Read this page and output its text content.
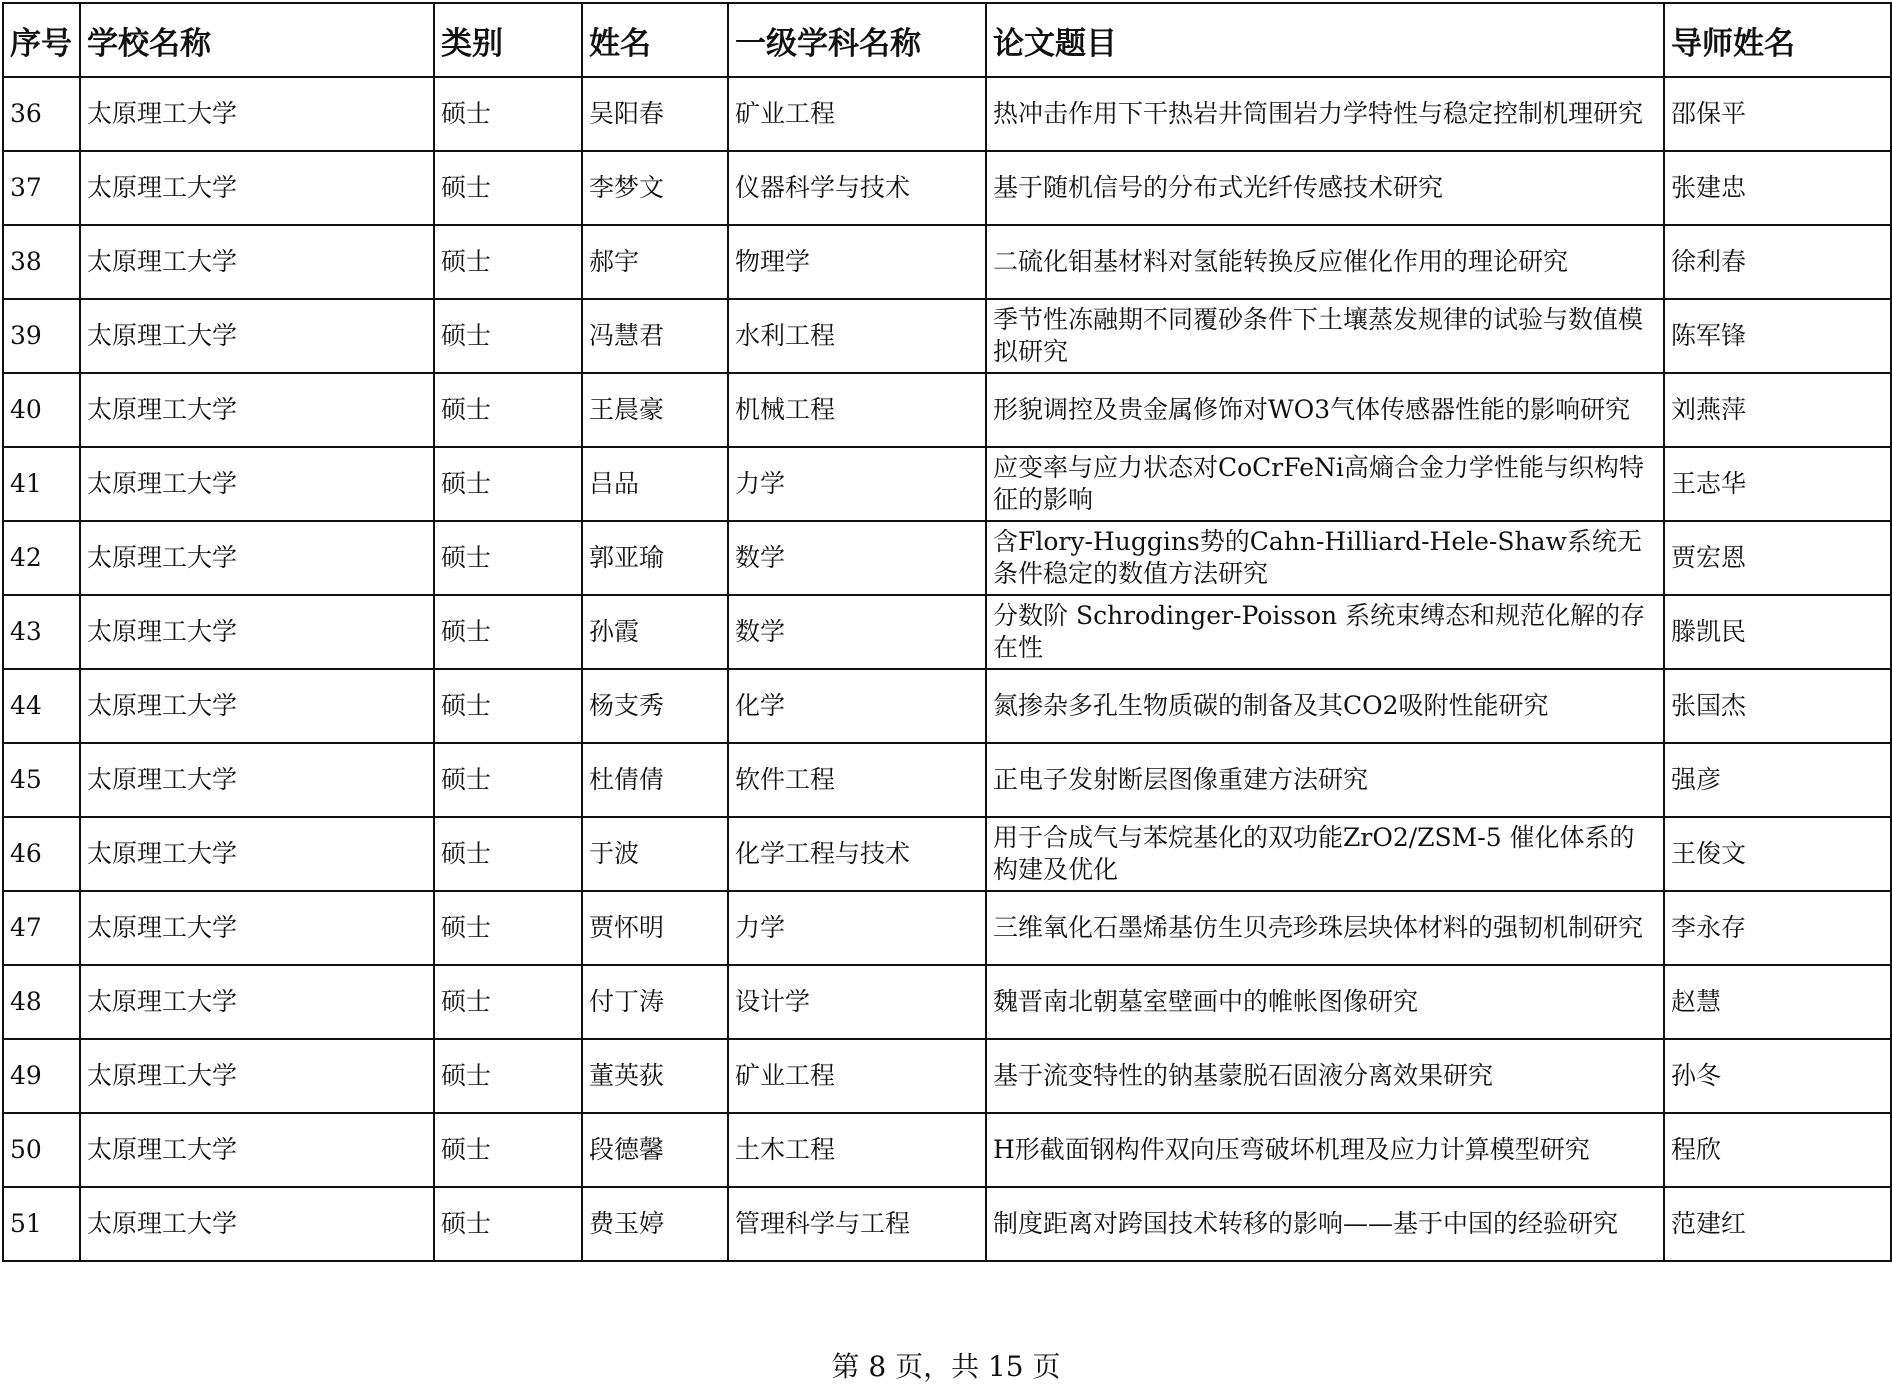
序号	学校名称	类别	姓名	一级学科名称	论文题目	导师姓名
36	太原理工大学	硕士	吴阳春	矿业工程	热冲击作用下干热岩井筒围岩力学特性与稳定控制机理研究	邵保平
37	太原理工大学	硕士	李梦文	仪器科学与技术	基于随机信号的分布式光纤传感技术研究	张建忠
38	太原理工大学	硕士	郝宇	物理学	二硫化钼基材料对氢能转换反应催化作用的理论研究	徐利春
39	太原理工大学	硕士	冯慧君	水利工程	季节性冻融期不同覆砂条件下土壤蒸发规律的试验与数值模拟研究	陈军锋
40	太原理工大学	硕士	王晨豪	机械工程	形貌调控及贵金属修饰对WO3气体传感器性能的影响研究	刘燕萍
41	太原理工大学	硕士	吕品	力学	应变率与应力状态对CoCrFeNi高熵合金力学性能与织构特征的影响	王志华
42	太原理工大学	硕士	郭亚瑜	数学	含Flory-Huggins势的Cahn-Hilliard-Hele-Shaw系统无条件稳定的数值方法研究	贾宏恩
43	太原理工大学	硕士	孙霞	数学	分数阶 Schrodinger-Poisson 系统束缚态和规范化解的存在性	滕凯民
44	太原理工大学	硕士	杨支秀	化学	氮掺杂多孔生物质碳的制备及其CO2吸附性能研究	张国杰
45	太原理工大学	硕士	杜倩倩	软件工程	正电子发射断层图像重建方法研究	强彦
46	太原理工大学	硕士	于波	化学工程与技术	用于合成气与苯烷基化的双功能ZrO2/ZSM-5 催化体系的构建及优化	王俊文
47	太原理工大学	硕士	贾怀明	力学	三维氧化石墨烯基仿生贝壳珍珠层块体材料的强韧机制研究	李永存
48	太原理工大学	硕士	付丁涛	设计学	魏晋南北朝墓室壁画中的帷帐图像研究	赵慧
49	太原理工大学	硕士	董英荻	矿业工程	基于流变特性的钠基蒙脱石固液分离效果研究	孙冬
50	太原理工大学	硕士	段德馨	土木工程	H形截面钢构件双向压弯破坏机理及应力计算模型研究	程欣
51	太原理工大学	硕士	费玉婷	管理科学与工程	制度距离对跨国技术转移的影响——基于中国的经验研究	范建红
第 8 页，共 15 页
